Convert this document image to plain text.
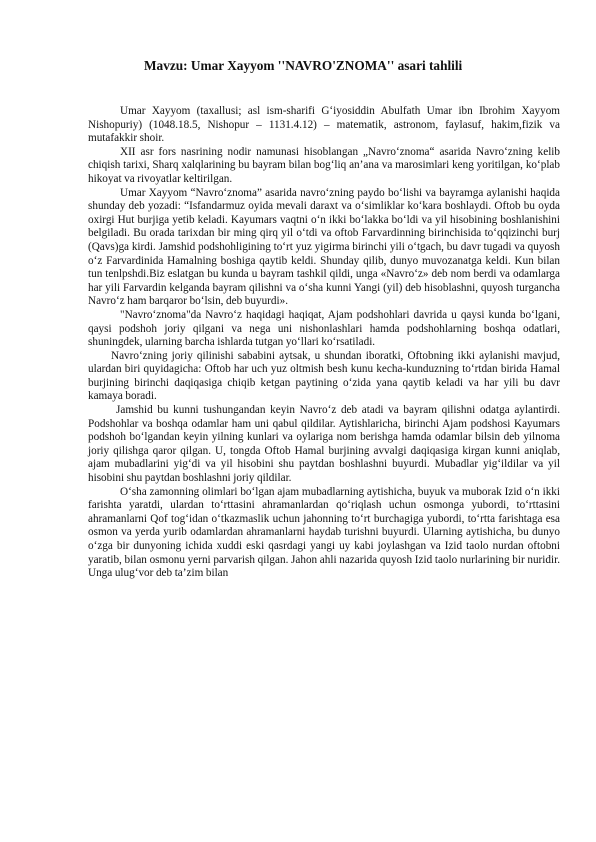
Mavzu: Umar Xayyom ''NAVRO'ZNOMA'' asari tahlili

Umar Xayyom (taxallusi; asl ism-sharifi G‘iyosiddin Abulfath Umar ibn Ibrohim Xayyom Nishopuriy) (1048.18.5, Nishopur – 1131.4.12) – matematik, astronom, faylasuf, hakim,fizik va mutafakkir shoir.

XII asr fors nasrining nodir namunasi hisoblangan „Navro‘znoma“ asarida Navro‘zning kelib chiqish tarixi, Sharq xalqlarining bu bayram bilan bog‘liq an’ana va marosimlari keng yoritilgan, ko‘plab hikoyat va rivoyatlar keltirilgan.

Umar Xayyom “Navro‘znoma” asarida navro‘zning paydo bo‘lishi va bayramga aylanishi haqida shunday deb yozadi: “Isfandarmuz oyida mevali daraxt va o‘simliklar ko‘kara boshlaydi. Oftob bu oyda oxirgi Hut burjiga yetib keladi. Kayumars vaqtni o‘n ikki bo‘lakka bo‘ldi va yil hisobining boshlanishini belgiladi. Bu orada tarixdan bir ming qirq yil o‘tdi va oftob Farvardinning birinchisida to‘qqizinchi burj (Qavs)ga kirdi. Jamshid podshohligining to‘rt yuz yigirma birinchi yili o‘tgach, bu davr tugadi va quyosh o‘z Farvardinida Hamalning boshiga qaytib keldi. Shunday qilib, dunyo muvozanatga keldi. Kun bilan tun tenlpshdi.Biz eslatgan bu kunda u bayram tashkil qildi, unga «Navro‘z» deb nom berdi va odamlarga har yili Farvardin kelganda bayram qilishni va o‘sha kunni Yangi (yil) deb hisoblashni, quyosh turgancha Navro‘z ham barqaror bo‘lsin, deb buyurdi».

"Navro‘znoma"da Navro‘z haqidagi haqiqat, Ajam podshohlari davrida u qaysi kunda bo‘lgani, qaysi podshoh joriy qilgani va nega uni nishonlashlari hamda podshohlarning boshqa odatlari, shuningdek, ularning barcha ishlarda tutgan yo‘llari ko‘rsatiladi.

Navro‘zning joriy qilinishi sababini aytsak, u shundan iboratki, Oftobning ikki aylanishi mavjud, ulardan biri quyidagicha: Oftob har uch yuz oltmish besh kunu kecha-kunduzning to‘rtdan birida Hamal burjining birinchi daqiqasiga chiqib ketgan paytining o‘zida yana qaytib keladi va har yili bu davr kamaya boradi.

Jamshid bu kunni tushungandan keyin Navro‘z deb atadi va bayram qilishni odatga aylantirdi. Podshohlar va boshqa odamlar ham uni qabul qildilar. Aytishlaricha, birinchi Ajam podshosi Kayumars podshoh bo‘lgandan keyin yilning kunlari va oylariga nom berishga hamda odamlar bilsin deb yilnoma joriy qilishga qaror qilgan. U, tongda Oftob Hamal burjining avvalgi daqiqasiga kirgan kunni aniqlab, ajam mubadlarini yig‘di va yil hisobini shu paytdan boshlashni buyurdi. Mubadlar yig‘ildilar va yil hisobini shu paytdan boshlashni joriy qildilar.

O‘sha zamonning olimlari bo‘lgan ajam mubadlarning aytishicha, buyuk va muborak Izid o‘n ikki farishta yaratdi, ulardan to‘rttasini ahramanlardan qo‘riqlash uchun osmonga yubordi, to‘rttasini ahramanlarni Qof tog‘idan o‘tkazmaslik uchun jahonning to‘rt burchagiga yubordi, to‘rtta farishtaga esa osmon va yerda yurib odamlardan ahramanlarni haydab turishni buyurdi. Ularning aytishicha, bu dunyo o‘zga bir dunyoning ichida xuddi eski qasrdagi yangi uy kabi joylashgan va Izid taolo nurdan oftobni yaratib, bilan osmonu yerni parvarish qilgan. Jahon ahli nazarida quyosh Izid taolo nurlarining bir nuridir. Unga ulug‘vor deb ta’zim bilan
